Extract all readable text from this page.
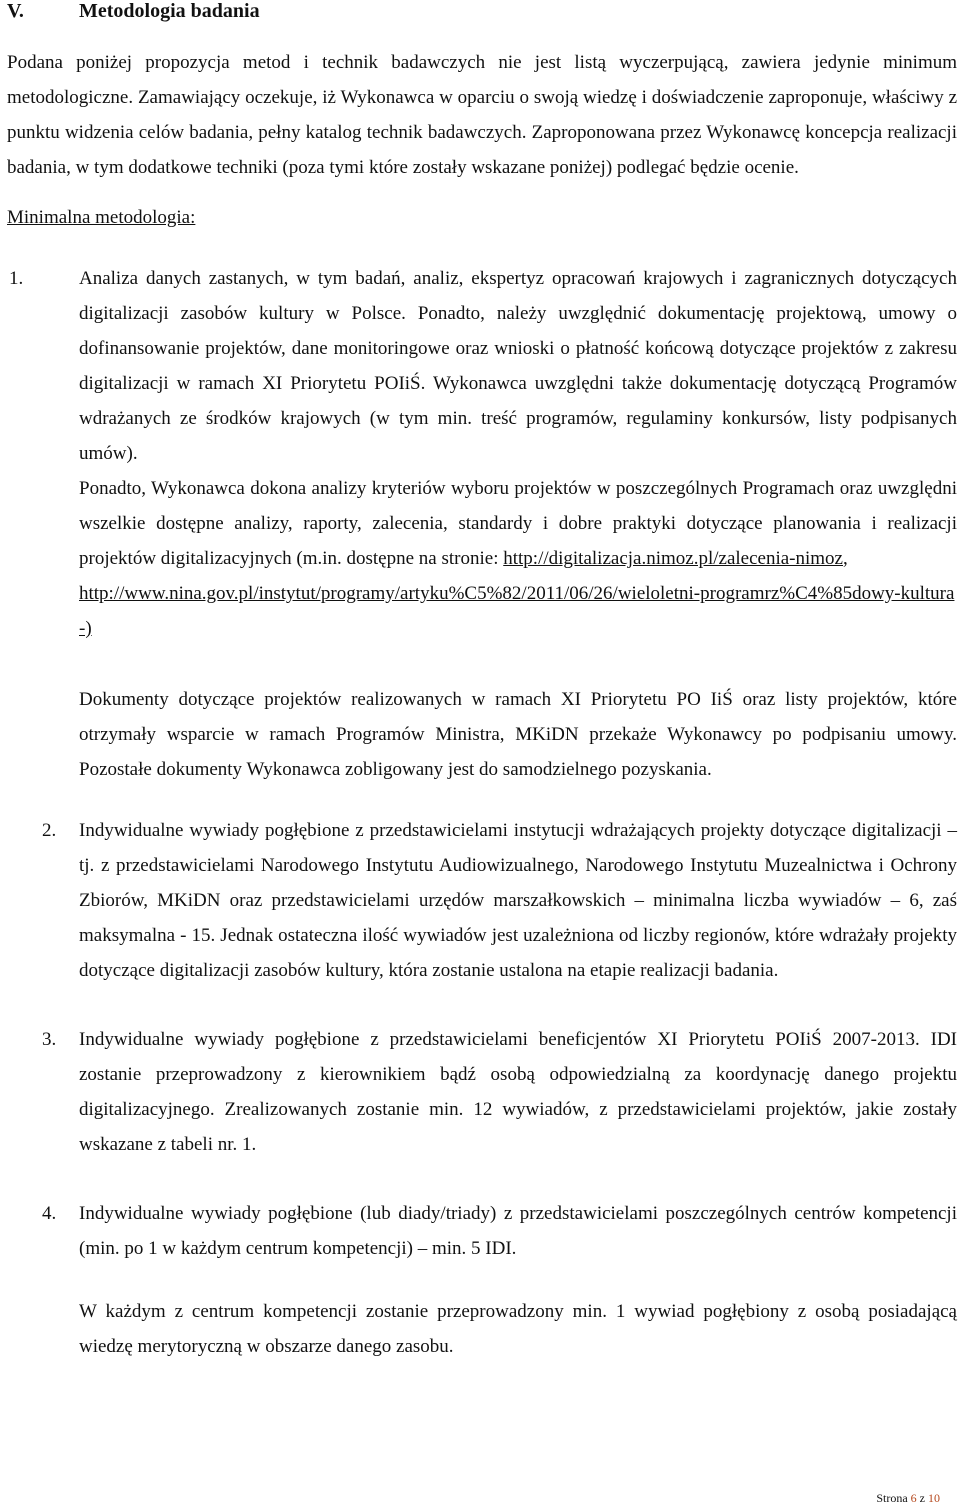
V.	Metodologia badania

Podana poniżej propozycja metod i technik badawczych nie jest listą wyczerpującą, zawiera jedynie minimum metodologiczne. Zamawiający oczekuje, iż Wykonawca w oparciu o swoją wiedzę i doświadczenie zaproponuje, właściwy z punktu widzenia celów badania, pełny katalog technik badawczych. Zaproponowana przez Wykonawcę koncepcja realizacji badania, w tym dodatkowe techniki (poza tymi które zostały wskazane poniżej) podlegać będzie ocenie.

Minimalna metodologia:

1.	Analiza danych zastanych, w tym badań, analiz, ekspertyz opracowań krajowych i zagranicznych dotyczących digitalizacji zasobów kultury w Polsce. Ponadto, należy uwzględnić dokumentację projektową, umowy o dofinansowanie projektów, dane monitoringowe oraz wnioski o płatność końcową dotyczące projektów z zakresu digitalizacji w ramach XI Priorytetu POIiŚ. Wykonawca uwzględni także dokumentację dotyczącą Programów wdrażanych ze środków krajowych (w tym min. treść programów, regulaminy konkursów, listy podpisanych umów).

Ponadto, Wykonawca dokona analizy kryteriów wyboru projektów w poszczególnych Programach oraz uwzględni wszelkie dostępne analizy, raporty, zalecenia, standardy i dobre praktyki dotyczące planowania i realizacji projektów digitalizacyjnych (m.in. dostępne na stronie: http://digitalizacja.nimoz.pl/zalecenia-nimoz,
http://www.nina.gov.pl/instytut/programy/artyku%C5%82/2011/06/26/wieloletni-programrz%C4%85dowy-kultura-)

Dokumenty dotyczące projektów realizowanych w ramach XI Priorytetu PO IiŚ oraz listy projektów, które otrzymały wsparcie w ramach Programów Ministra, MKiDN przekaże Wykonawcy po podpisaniu umowy. Pozostałe dokumenty Wykonawca zobligowany jest do samodzielnego pozyskania.

2. Indywidualne wywiady pogłębione z przedstawicielami instytucji wdrażających projekty dotyczące digitalizacji – tj. z przedstawicielami Narodowego Instytutu Audiowizualnego, Narodowego Instytutu Muzealnictwa i Ochrony Zbiorów, MKiDN oraz przedstawicielami urzędów marszałkowskich – minimalna liczba wywiadów – 6, zaś maksymalna - 15. Jednak ostateczna ilość wywiadów jest uzależniona od liczby regionów, które wdrażały projekty dotyczące digitalizacji zasobów kultury, która zostanie ustalona na etapie realizacji badania.

3. Indywidualne wywiady pogłębione z przedstawicielami beneficjentów XI Priorytetu POIiŚ 2007-2013. IDI zostanie przeprowadzony z kierownikiem bądź osobą odpowiedzialną za koordynację danego projektu digitalizacyjnego. Zrealizowanych zostanie min. 12 wywiadów, z przedstawicielami projektów, jakie zostały wskazane z tabeli nr. 1.

4. Indywidualne wywiady pogłębione (lub diady/triady) z przedstawicielami poszczególnych centrów kompetencji (min. po 1 w każdym centrum kompetencji) – min. 5 IDI.

W każdym z centrum kompetencji zostanie przeprowadzony min. 1 wywiad pogłębiony z osobą posiadającą wiedzę merytoryczną w obszarze danego zasobu.

Strona 6 z 10
